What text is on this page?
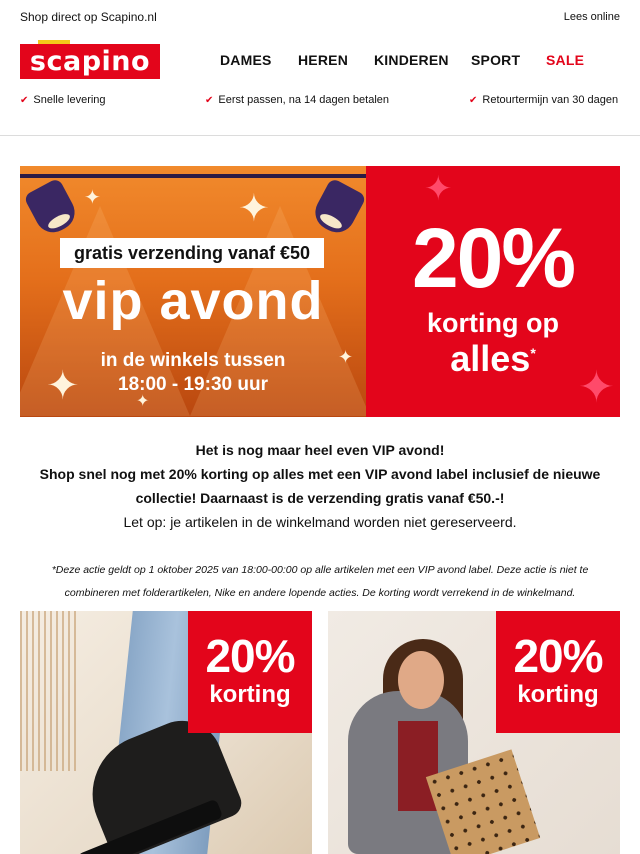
Shop direct op Scapino.nl	Lees online
scapino	DAMES HEREN KINDEREN SPORT SALE
✔ Snelle levering	✔ Eerst passen, na 14 dagen betalen	✔ Retourtermijn van 30 dagen
✦	✦
✦
✦
✦
gratis verzending vanaf €50
vip avond
in de winkels tussen
18:00 - 19:30 uur
✦
✦
20%
korting op
alles*
Het is nog maar heel even VIP avond!
Shop snel nog met 20% korting op alles met een VIP avond label inclusief de nieuwe
collectie! Daarnaast is de verzending gratis vanaf €50.-!
Let op: je artikelen in de winkelmand worden niet gereserveerd.
*Deze actie geldt op 1 oktober 2025 van 18:00-00:00 op alle artikelen met een VIP avond label. Deze actie is niet te
combineren met folderartikelen, Nike en andere lopende acties. De korting wordt verrekend in de winkelmand.
20%
korting
20%
korting
